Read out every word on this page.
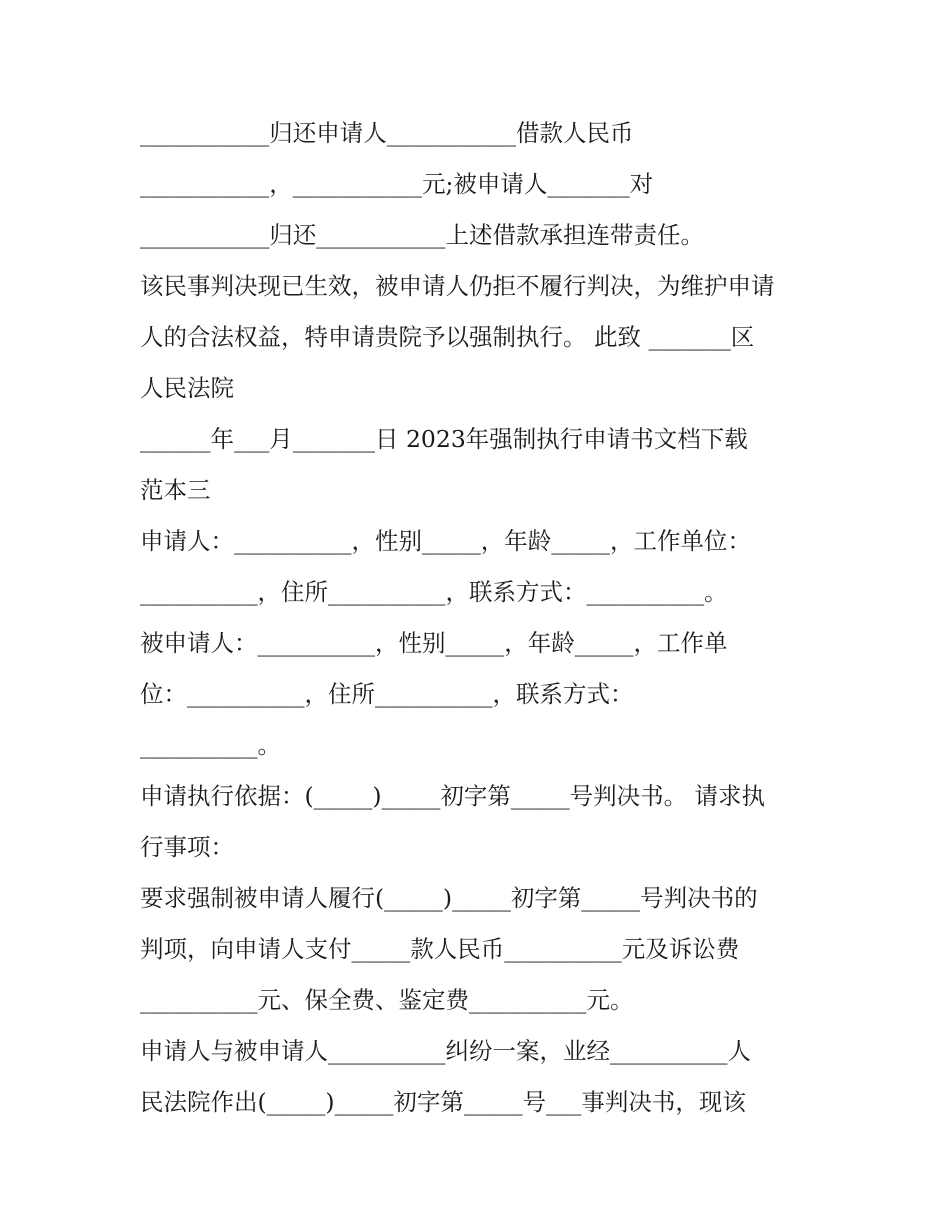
___________归还申请人___________借款人民币
___________，___________元;被申请人_______对
___________归还___________上述借款承担连带责任。
该民事判决现已生效，被申请人仍拒不履行判决，为维护申请
人的合法权益，特申请贵院予以强制执行。 此致 _______区
人民法院
______年___月_______日 2023年强制执行申请书文档下载
范本三
申请人：__________，性别_____，年龄_____，工作单位：
__________，住所__________，联系方式：__________。
被申请人：__________，性别_____，年龄_____，工作单
位：__________，住所__________，联系方式：
__________。
申请执行依据：(_____)_____初字第_____号判决书。 请求执
行事项：
要求强制被申请人履行(_____)_____初字第_____号判决书的
判项，向申请人支付_____款人民币__________元及诉讼费
__________元、保全费、鉴定费__________元。
申请人与被申请人__________纠纷一案，业经__________人
民法院作出(_____)_____初字第_____号___事判决书，现该
